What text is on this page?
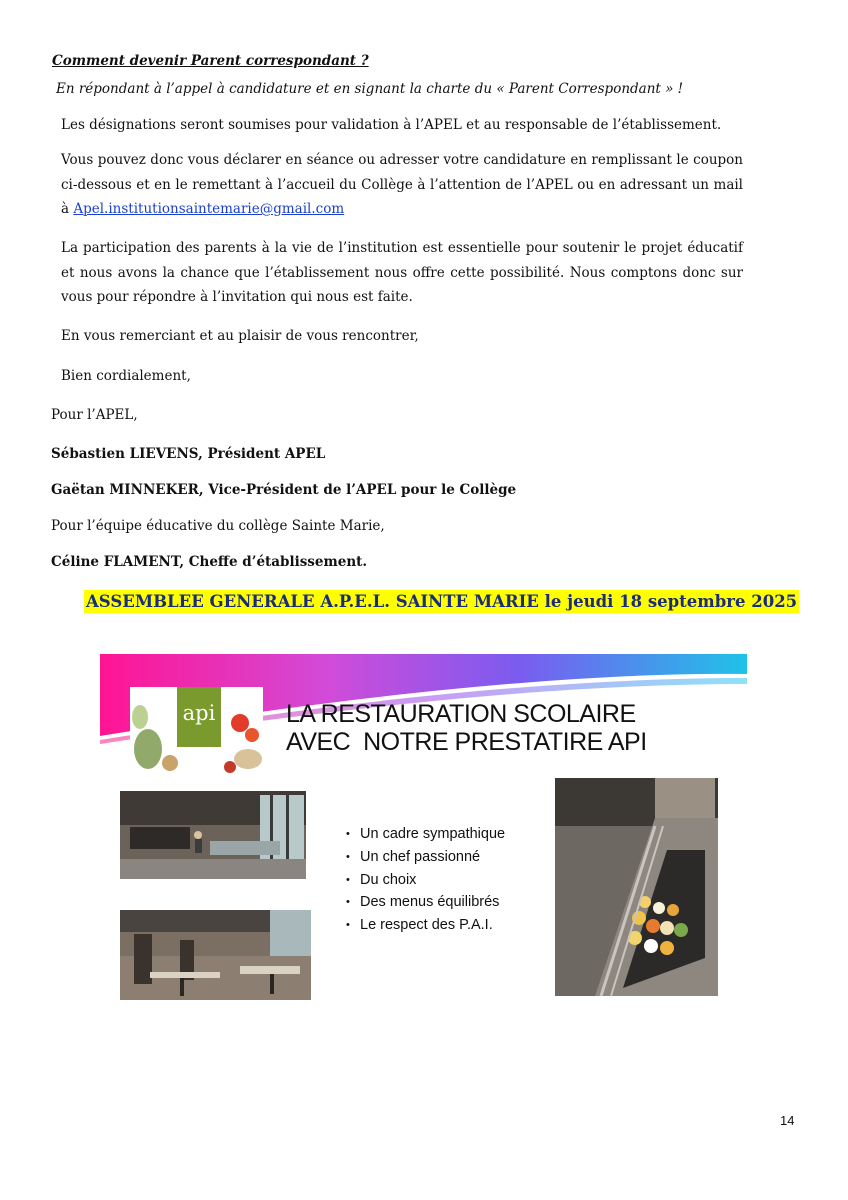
Comment devenir Parent correspondant ?
En répondant à l’appel à candidature et en signant la charte du « Parent Correspondant » !
Les désignations seront soumises pour validation à l’APEL et au responsable de l’établissement.
Vous pouvez donc vous déclarer en séance ou adresser votre candidature en remplissant le coupon ci-dessous et en le remettant à l’accueil du Collège à l’attention de l’APEL ou en adressant un mail à Apel.institutionsaintemarie@gmail.com
La participation des parents à la vie de l’institution est essentielle pour soutenir le projet éducatif et nous avons la chance que l’établissement nous offre cette possibilité. Nous comptons donc sur vous pour répondre à l’invitation qui nous est faite.
En vous remerciant et au plaisir de vous rencontrer,
Bien cordialement,
Pour l’APEL,
Sébastien LIEVENS, Président APEL
Gaëtan MINNEKER, Vice-Président de l’APEL pour le Collège
Pour l’équipe éducative du collège Sainte Marie,
Céline FLAMENT, Cheffe d’établissement.
ASSEMBLEE GENERALE A.P.E.L. SAINTE MARIE le jeudi 18 septembre 2025
api	LA RESTAURATION SCOLAIRE
AVEC  NOTRE PRESTATIRE API
• Un cadre sympathique
• Un chef passionné
• Du choix
• Des menus équilibrés
• Le respect des P.A.I.
14
